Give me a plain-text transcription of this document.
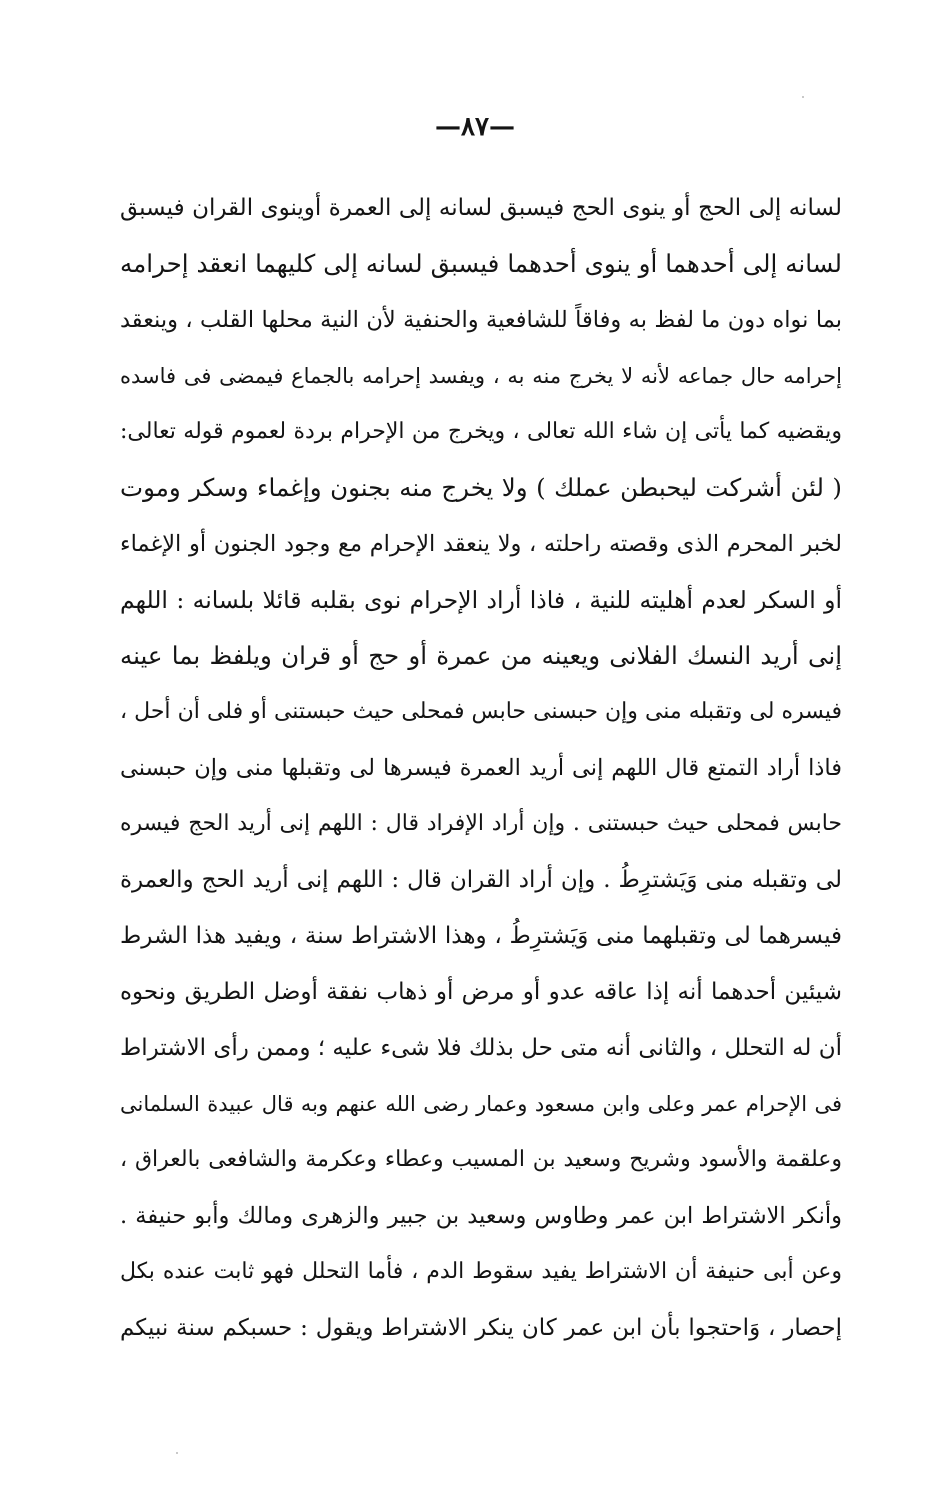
—٨٧—
لسانه إلى الحج أو ينوى الحج فيسبق لسانه إلى العمرة أوينوى القران فيسبق
لسانه إلى أحدهما أو ينوى أحدهما فيسبق لسانه إلى كليهما انعقد إحرامه
بما نواه دون ما لفظ به وفاقاً للشافعية والحنفية لأن النية محلها القلب ، وينعقد
إحرامه حال جماعه لأنه لا يخرج منه به ، ويفسد إحرامه بالجماع فيمضى فى فاسده
ويقضيه كما يأتى إن شاء الله تعالى ، ويخرج من الإحرام بردة لعموم قوله تعالى:
( لئن أشركت ليحبطن عملك ) ولا يخرج منه بجنون وإغماء وسكر وموت
لخبر المحرم الذى وقصته راحلته ، ولا ينعقد الإحرام مع وجود الجنون أو الإغماء
أو السكر لعدم أهليته للنية ، فاذا أراد الإحرام نوى بقلبه قائلا بلسانه : اللهم
إنى أريد النسك الفلانى ويعينه من عمرة أو حج أو قران ويلفظ بما عينه
فيسره لى وتقبله منى وإن حبسنى حابس فمحلى حيث حبستنى أو فلى أن أحل ،
فاذا أراد التمتع قال اللهم إنى أريد العمرة فيسرها لى وتقبلها منى وإن حبسنى
حابس فمحلى حيث حبستنى . وإن أراد الإفراد قال : اللهم إنى أريد الحج فيسره
لى وتقبله منى وَيَشترِطُ . وإن أراد القران قال : اللهم إنى أريد الحج والعمرة
فيسرهما لى وتقبلهما منى وَيَشترِطُ ، وهذا الاشتراط سنة ، ويفيد هذا الشرط
شيئين أحدهما أنه إذا عاقه عدو أو مرض أو ذهاب نفقة أوضل الطريق ونحوه
أن له التحلل ، والثانى أنه متى حل بذلك فلا شىء عليه ؛ وممن رأى الاشتراط
فى الإحرام عمر وعلى وابن مسعود وعمار رضى الله عنهم وبه قال عبيدة السلمانى
وعلقمة والأسود وشريح وسعيد بن المسيب وعطاء وعكرمة والشافعى بالعراق ،
وأنكر الاشتراط ابن عمر وطاوس وسعيد بن جبير والزهرى ومالك وأبو حنيفة .
وعن أبى حنيفة أن الاشتراط يفيد سقوط الدم ، فأما التحلل فهو ثابت عنده بكل
إحصار ، وَاحتجوا بأن ابن عمر كان ينكر الاشتراط ويقول : حسبكم سنة نبيكم
